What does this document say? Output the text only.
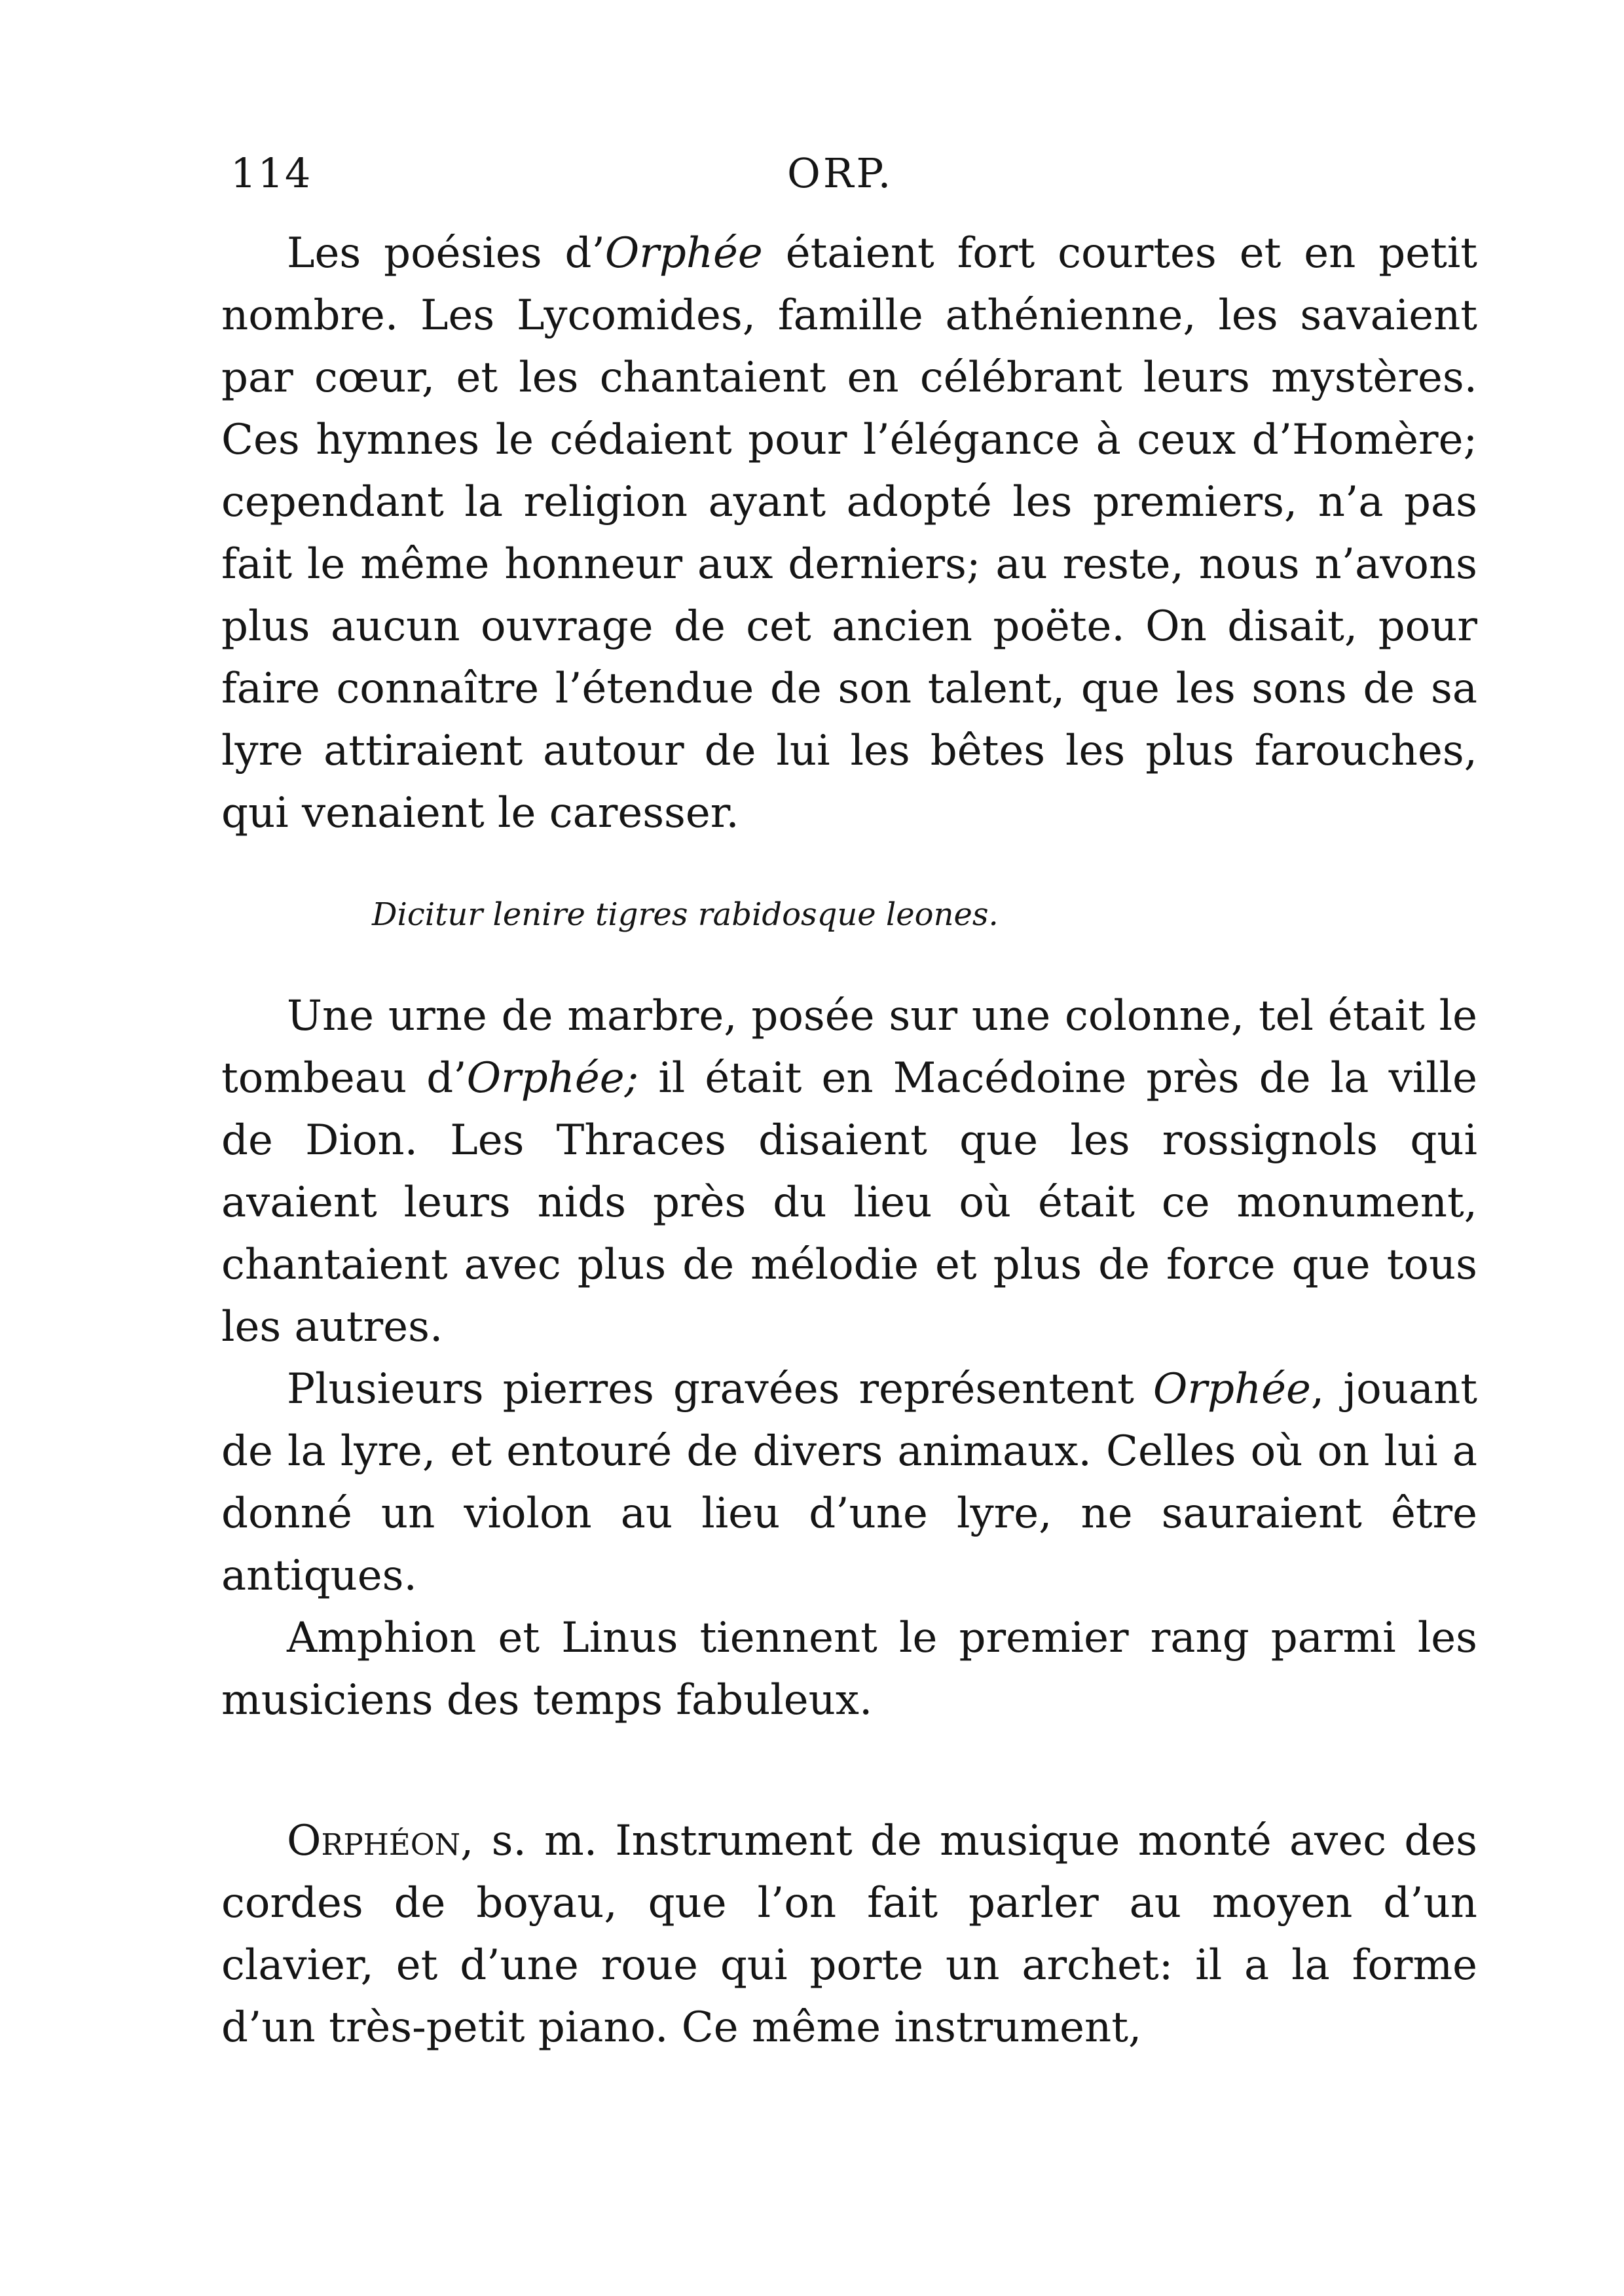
114	ORP.

Les poésies d’Orphée étaient fort courtes et en petit nombre. Les Lycomides, famille athénienne, les savaient par cœur, et les chantaient en célébrant leurs mystères. Ces hymnes le cédaient pour l’élégance à ceux d’Homère; cependant la religion ayant adopté les premiers, n’a pas fait le même honneur aux derniers; au reste, nous n’avons plus aucun ouvrage de cet ancien poëte. On disait, pour faire connaître l’étendue de son talent, que les sons de sa lyre attiraient autour de lui les bêtes les plus farouches, qui venaient le caresser.

Dicitur lenire tigres rabidosque leones.

Une urne de marbre, posée sur une colonne, tel était le tombeau d’Orphée; il était en Macédoine près de la ville de Dion. Les Thraces disaient que les rossignols qui avaient leurs nids près du lieu où était ce monument, chantaient avec plus de mélodie et plus de force que tous les autres.

Plusieurs pierres gravées représentent Orphée, jouant de la lyre, et entouré de divers animaux. Celles où on lui a donné un violon au lieu d’une lyre, ne sauraient être antiques.

Amphion et Linus tiennent le premier rang parmi les musiciens des temps fabuleux.

Orphéon, s. m. Instrument de musique monté avec des cordes de boyau, que l’on fait parler au moyen d’un clavier, et d’une roue qui porte un archet: il a la forme d’un très-petit piano. Ce même instrument,
